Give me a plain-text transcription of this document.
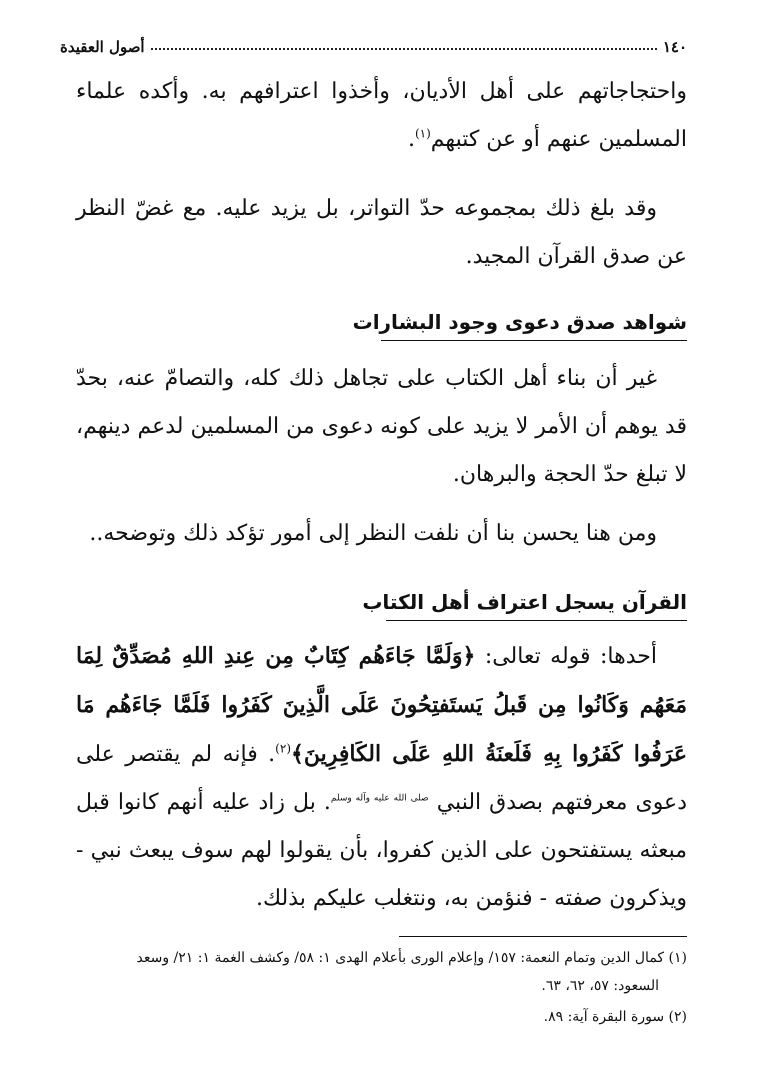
١٤٠
أصول العقيدة

واحتجاجاتهم على أهل الأديان، وأخذوا اعترافهم به. وأكده علماء المسلمين عنهم أو عن كتبهم$^{(١)}$.

وقد بلغ ذلك بمجموعه حدّ التواتر، بل يزيد عليه. مع غضّ النظر عن صدق القرآن المجيد.

شواهد صدق دعوى وجود البشارات

غير أن بناء أهل الكتاب على تجاهل ذلك كله، والتصامّ عنه، بحدّ قد يوهم أن الأمر لا يزيد على كونه دعوى من المسلمين لدعم دينهم، لا تبلغ حدّ الحجة والبرهان.

ومن هنا يحسن بنا أن نلفت النظر إلى أمور تؤكد ذلك وتوضحه..

القرآن يسجل اعتراف أهل الكتاب

أحدها: قوله تعالى: ﴿وَلَمَّا جَاءَهُم كِتَابٌ مِن عِندِ اللهِ مُصَدِّقٌ لِمَا مَعَهُم وَكَانُوا مِن قَبلُ يَستَفتِحُونَ عَلَى الَّذِينَ كَفَرُوا فَلَمَّا جَاءَهُم مَا عَرَفُوا كَفَرُوا بِهِ فَلَعنَةُ اللهِ عَلَى الكَافِرِينَ﴾$^{(٢)}$. فإنه لم يقتصر على دعوى معرفتهم بصدق النبي $^{صلى الله عليه وآله وسلم}$. بل زاد عليه أنهم كانوا قبل مبعثه يستفتحون على الذين كفروا، بأن يقولوا لهم سوف يبعث نبي - ويذكرون صفته - فنؤمن به، ونتغلب عليكم بذلك.

(١) كمال الدين وتمام النعمة: ١٥٧/ وإعلام الورى بأعلام الهدى ١: ٥٨/ وكشف الغمة ١: ٢١/ وسعد
السعود: ٥٧، ٦٢، ٦٣.
(٢) سورة البقرة آية: ٨٩.
